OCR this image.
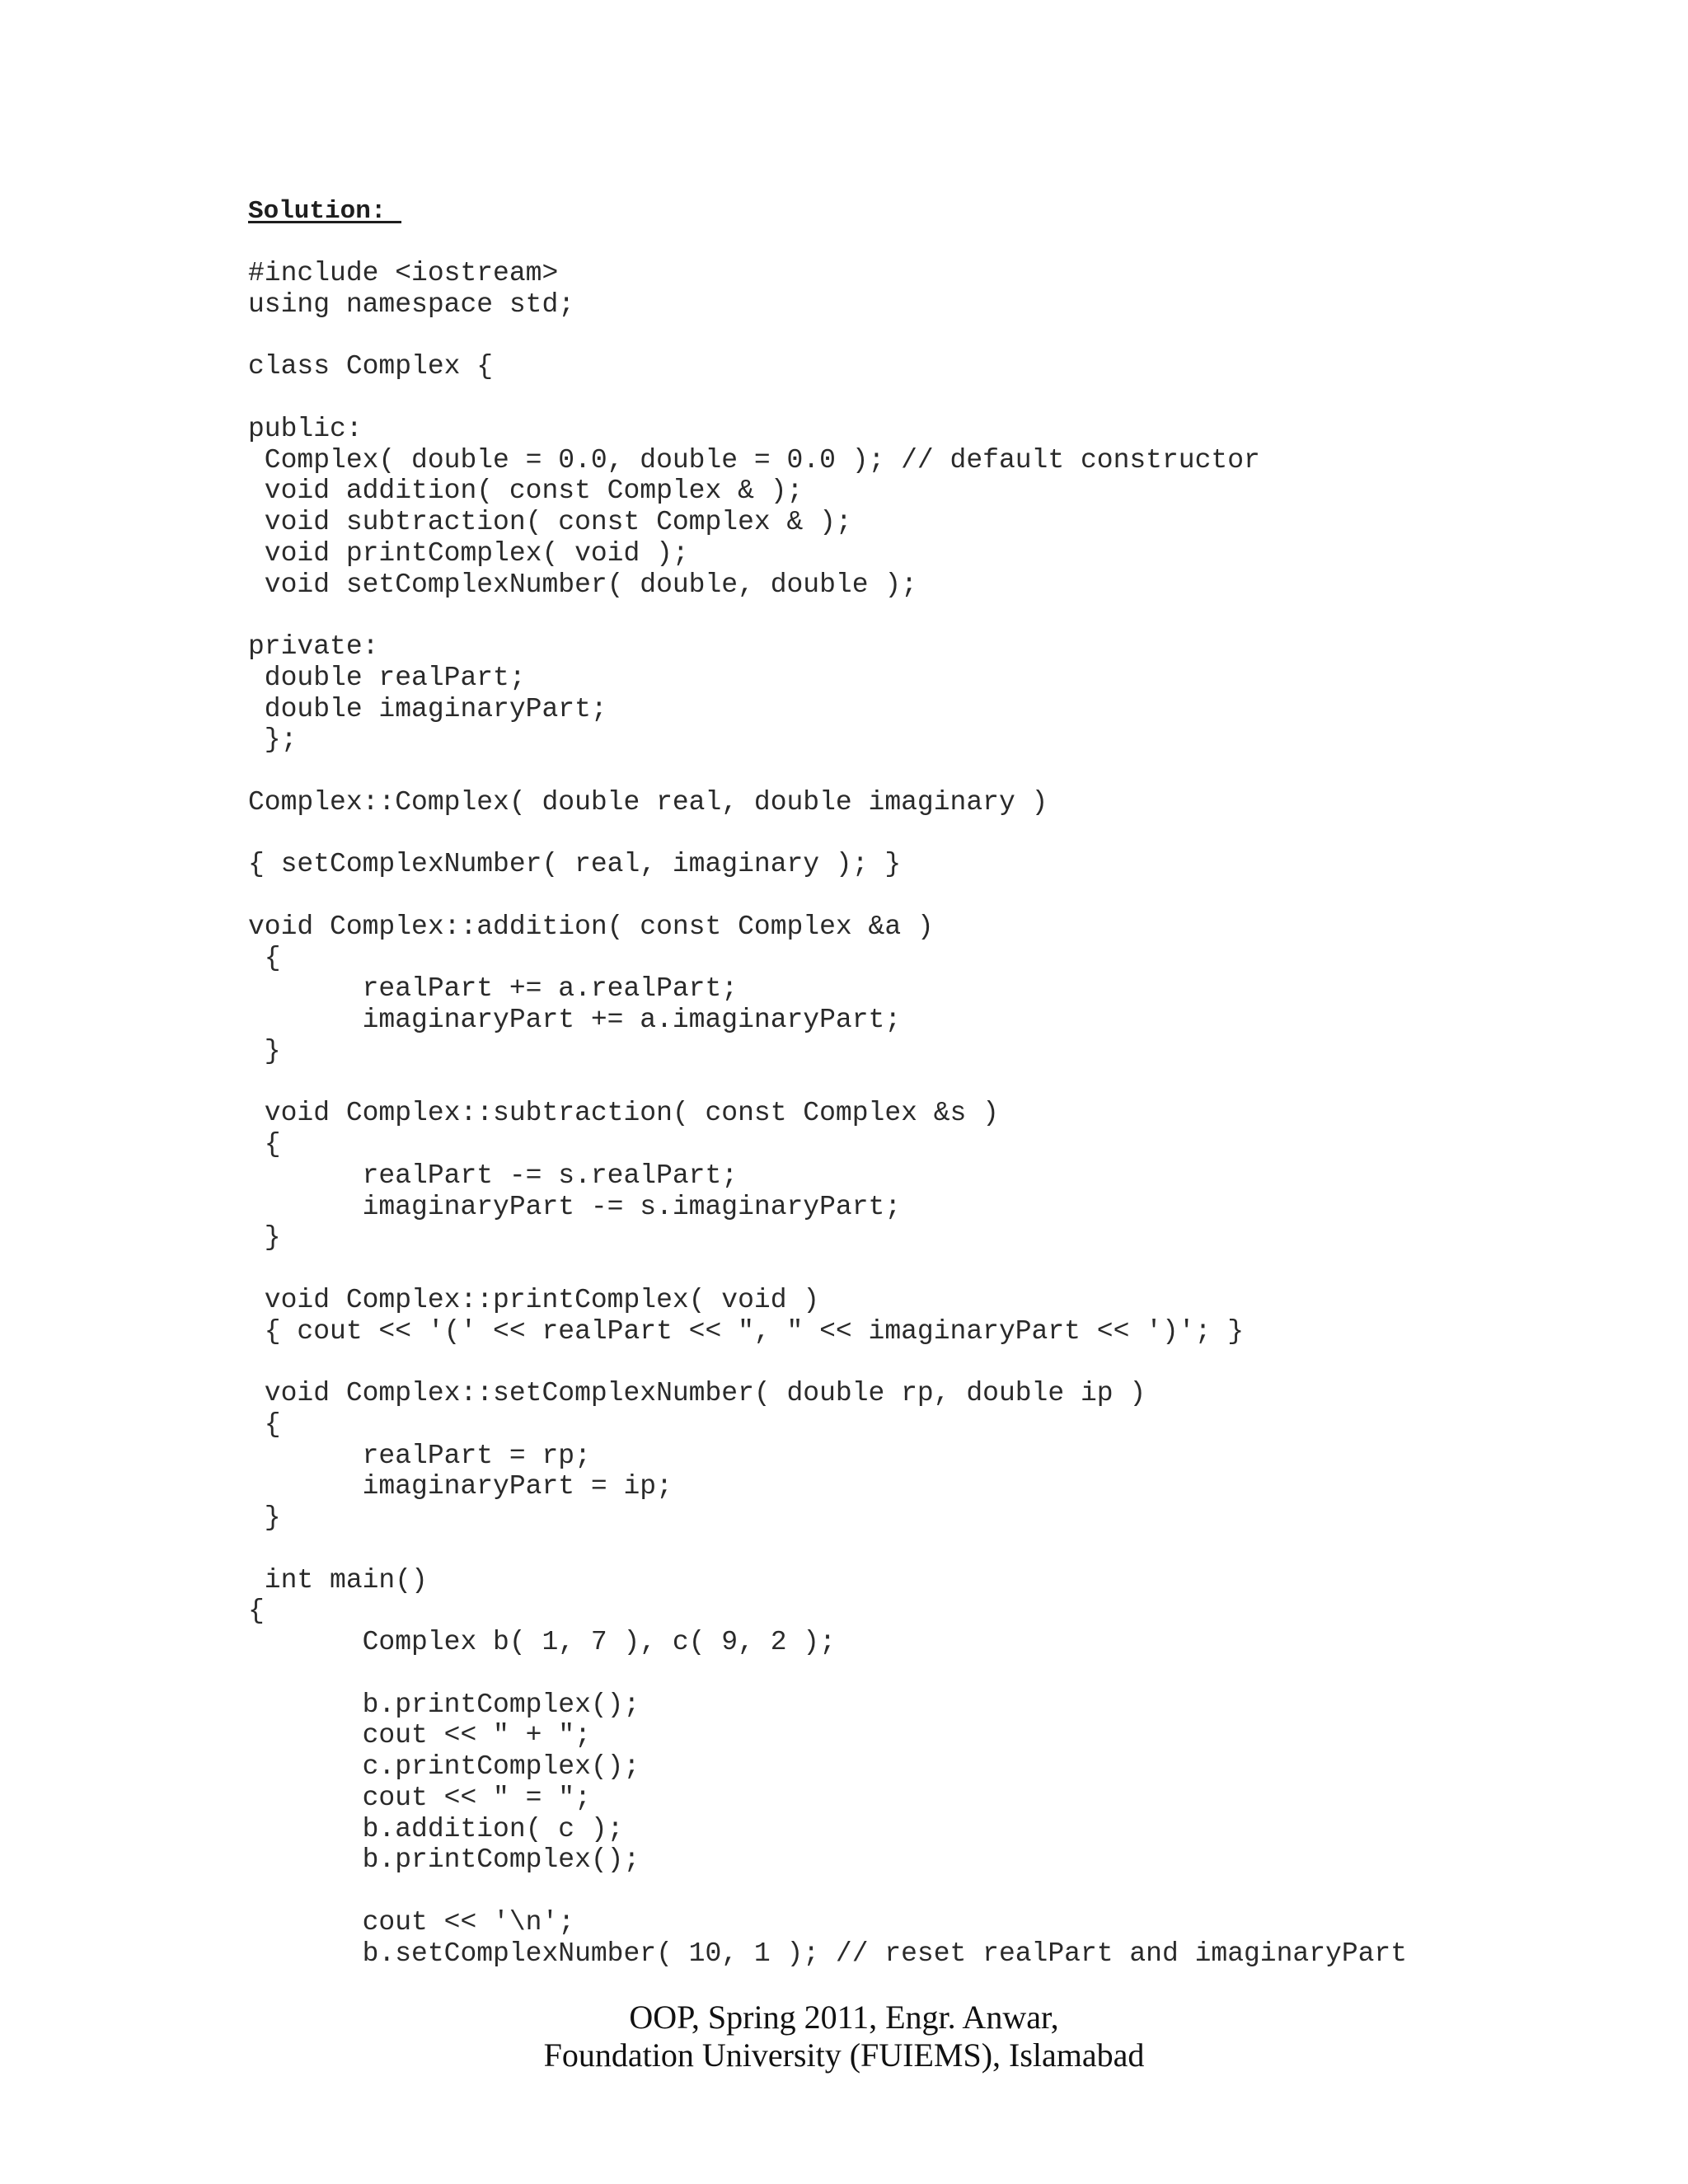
Solution:
#include <iostream>
using namespace std;
class Complex {
public:
Complex( double = 0.0, double = 0.0 ); // default constructor
void addition( const Complex & );
void subtraction( const Complex & );
void printComplex( void );
void setComplexNumber( double, double );
private:
double realPart;
double imaginaryPart;
};
Complex::Complex( double real, double imaginary )
{ setComplexNumber( real, imaginary ); }
void Complex::addition( const Complex &a )
{
realPart += a.realPart;
imaginaryPart += a.imaginaryPart;
}
void Complex::subtraction( const Complex &s )
{
realPart -= s.realPart;
imaginaryPart -= s.imaginaryPart;
}
void Complex::printComplex( void )
{ cout << '(' << realPart << ", " << imaginaryPart << ')'; }
void Complex::setComplexNumber( double rp, double ip )
{
realPart = rp;
imaginaryPart = ip;
}
int main()
{
Complex b( 1, 7 ), c( 9, 2 );
b.printComplex();
cout << " + ";
c.printComplex();
cout << " = ";
b.addition( c );
b.printComplex();
cout << '\n';
b.setComplexNumber( 10, 1 ); // reset realPart and imaginaryPart
OOP, Spring 2011, Engr. Anwar,
Foundation University (FUIEMS), Islamabad
